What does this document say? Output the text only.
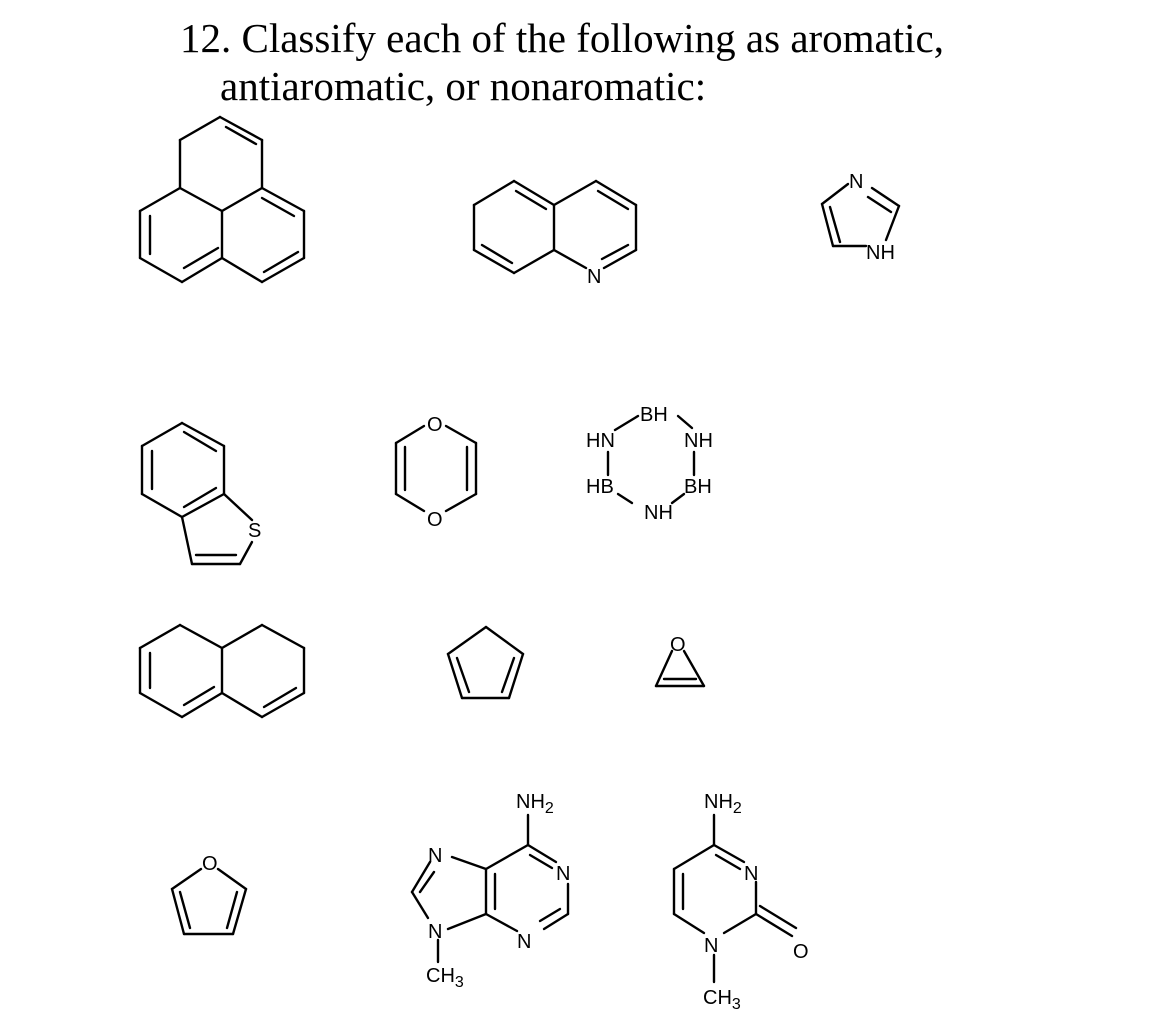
12. Classify each of the following as aromatic,
antiaromatic, or nonaromatic:
N
N
NH
S
O
O
BH
HN	NH
HB	BH
NH
O
O
$NH_2$
N
N
N
N
$CH_3$
$NH_2$
N
N	O
$CH_3$
